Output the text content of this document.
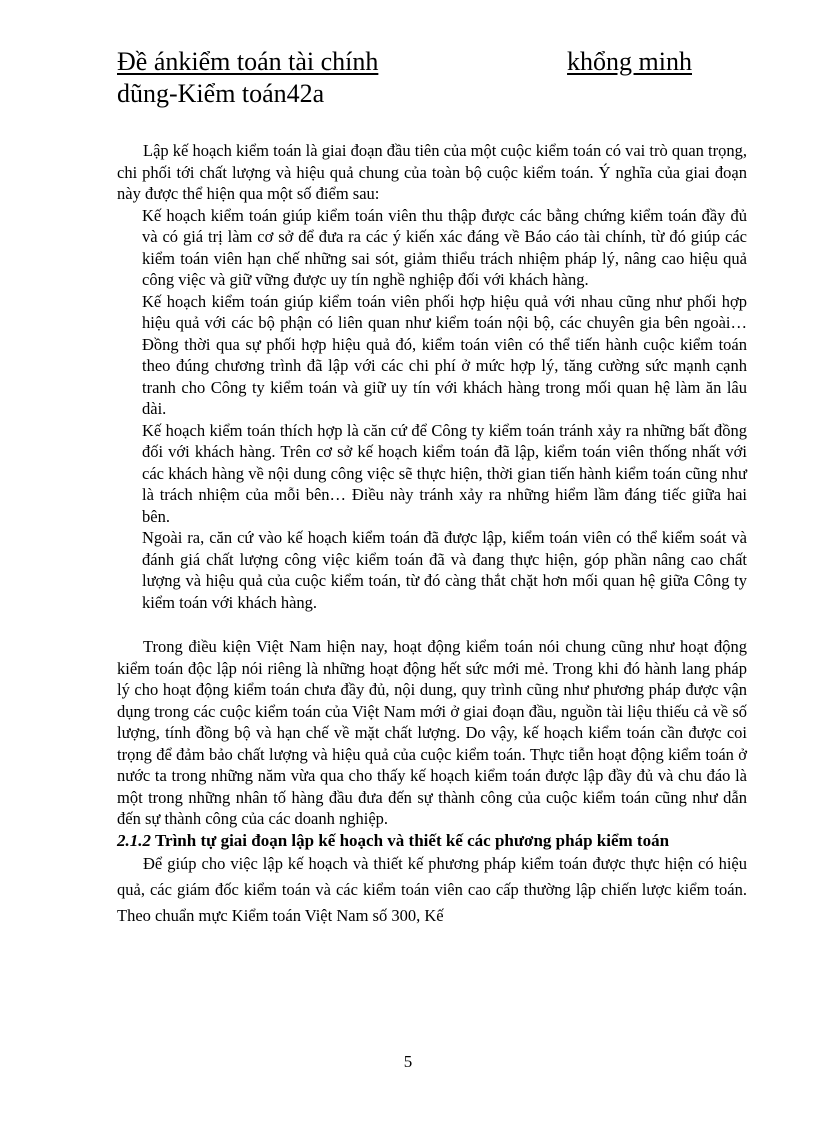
Đề ánkiểm toán tài chính	khổng minh
dũng-Kiểm toán42a

Lập kế hoạch kiểm toán là giai đoạn đầu tiên của một cuộc kiểm toán có vai trò quan trọng, chi phối tới chất lượng và hiệu quả chung của toàn bộ cuộc kiểm toán. Ý nghĩa của giai đoạn này được thể hiện qua một số điểm sau:

Kế hoạch kiểm toán giúp kiểm toán viên thu thập được các bằng chứng kiểm toán đầy đủ và có giá trị làm cơ sở để đưa ra các ý kiến xác đáng về Báo cáo tài chính, từ đó giúp các kiểm toán viên hạn chế những sai sót, giảm thiểu trách nhiệm pháp lý, nâng cao hiệu quả công việc và giữ vững được uy tín nghề nghiệp đối với khách hàng.

Kế hoạch kiểm toán giúp kiểm toán viên phối hợp hiệu quả với nhau cũng như phối hợp hiệu quả với các bộ phận có liên quan như kiểm toán nội bộ, các chuyên gia bên ngoài… Đồng thời qua sự phối hợp hiệu quả đó, kiểm toán viên có thể tiến hành cuộc kiểm toán theo đúng chương trình đã lập với các chi phí ở mức hợp lý, tăng cường sức mạnh cạnh tranh cho Công ty kiểm toán và giữ uy tín với khách hàng trong mối quan hệ làm ăn lâu dài.

Kế hoạch kiểm toán thích hợp là căn cứ để Công ty kiểm toán tránh xảy ra những bất đồng đối với khách hàng. Trên cơ sở kế hoạch kiểm toán đã lập, kiểm toán viên thống nhất với các khách hàng về nội dung công việc sẽ thực hiện, thời gian tiến hành kiểm toán cũng như là trách nhiệm của mỗi bên… Điều này tránh xảy ra những hiểm lầm đáng tiếc giữa hai bên.

Ngoài ra, căn cứ vào kế hoạch kiểm toán đã được lập, kiểm toán viên có thể kiểm soát và đánh giá chất lượng công việc kiểm toán đã và đang thực hiện, góp phần nâng cao chất lượng và hiệu quả của cuộc kiểm toán, từ đó càng thắt chặt hơn mối quan hệ giữa Công ty kiểm toán với khách hàng.

Trong điều kiện Việt Nam hiện nay, hoạt động kiểm toán nói chung cũng như hoạt động kiểm toán độc lập nói riêng là những hoạt động hết sức mới mẻ. Trong khi đó hành lang pháp lý cho hoạt động kiểm toán chưa đầy đủ, nội dung, quy trình cũng như phương pháp được vận dụng trong các cuộc kiểm toán của Việt Nam mới ở giai đoạn đầu, nguồn tài liệu thiếu cả về số lượng, tính đồng bộ và hạn chế về mặt chất lượng. Do vậy, kế hoạch kiểm toán cần được coi trọng để đảm bảo chất lượng và hiệu quả của cuộc kiểm toán. Thực tiễn hoạt động kiểm toán ở nước ta trong những năm vừa qua cho thấy kế hoạch kiểm toán được lập đầy đủ và chu đáo là một trong những nhân tố hàng đầu đưa đến sự thành công của cuộc kiểm toán cũng như dẫn đến sự thành công của các doanh nghiệp.

2.1.2 Trình tự giai đoạn lập kế hoạch và thiết kế các phương pháp kiểm toán

Để giúp cho việc lập kế hoạch và thiết kế phương pháp kiểm toán được thực hiện có hiệu quả, các giám đốc kiểm toán và các kiểm toán viên cao cấp thường lập chiến lược kiểm toán. Theo chuẩn mực Kiểm toán Việt Nam số 300, Kế

5
